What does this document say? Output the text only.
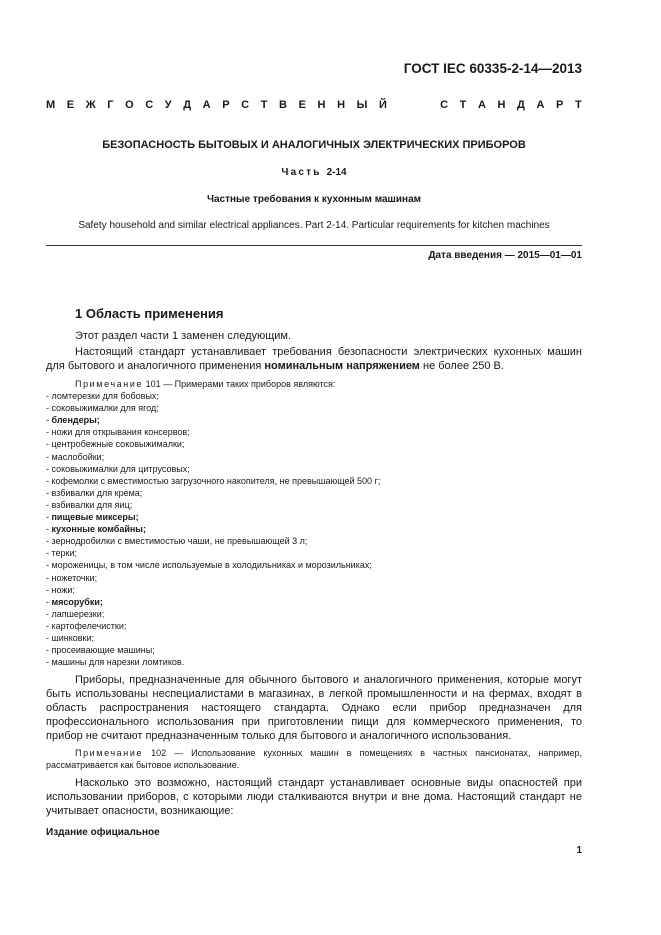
ГОСТ IEC 60335-2-14—2013
М Е Ж Г О С У Д А Р С Т В Е Н Н Ы Й	С Т А Н Д А Р Т
БЕЗОПАСНОСТЬ БЫТОВЫХ И АНАЛОГИЧНЫХ ЭЛЕКТРИЧЕСКИХ ПРИБОРОВ
Часть 2-14
Частные требования к кухонным машинам
Safety household and similar electrical appliances. Part 2-14. Particular requirements for kitchen machines
Дата введения — 2015—01—01
1 Область применения

Этот раздел части 1 заменен следующим.

Настоящий стандарт устанавливает требования безопасности электрических кухонных машин для бытового и аналогичного применения номинальным напряжением не более 250 В.

Примечание 101 — Примерами таких приборов являются:
- ломтерезки для бобовых;
- соковыжималки для ягод;
- блендеры;
- ножи для открывания консервов;
- центробежные соковыжималки;
- маслобойки;
- соковыжималки для цитрусовых;
- кофемолки с вместимостью загрузочного накопителя, не превышающей 500 г;
- взбивалки для крема;
- взбивалки для яиц;
- пищевые миксеры;
- кухонные комбайны;
- зернодробилки с вместимостью чаши, не превышающей 3 л;
- терки;
- мороженицы, в том числе используемые в холодильниках и морозильниках;
- ножеточки;
- ножи;
- мясорубки;
- лапшерезки;
- картофелечистки;
- шинковки;
- просеивающие машины;
- машины для нарезки ломтиков.

Приборы, предназначенные для обычного бытового и аналогичного применения, которые могут быть использованы неспециалистами в магазинах, в легкой промышленности и на фермах, входят в область распространения настоящего стандарта. Однако если прибор предназначен для профессионального использования при приготовлении пищи для коммерческого применения, то прибор не считают предназначенным только для бытового и аналогичного использования.

Примечание 102 — Использование кухонных машин в помещениях в частных пансионатах, например, рассматривается как бытовое использование.

Насколько это возможно, настоящий стандарт устанавливает основные виды опасностей при использовании приборов, с которыми люди сталкиваются внутри и вне дома. Настоящий стандарт не учитывает опасности, возникающие:

Издание официальное
1
